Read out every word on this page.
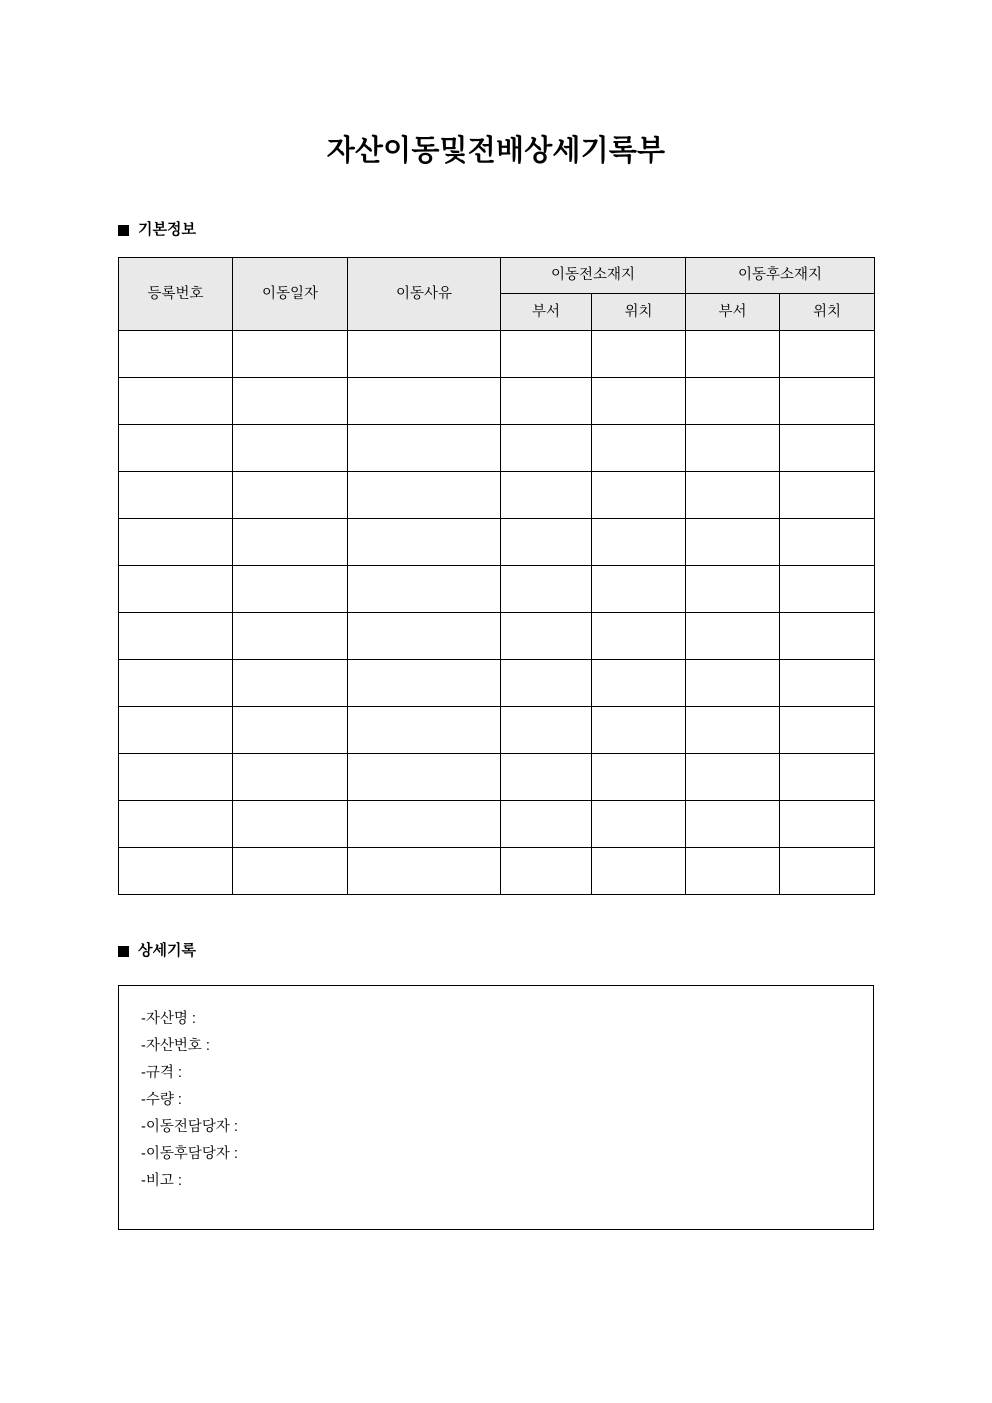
자산이동및전배상세기록부
기본정보
등록번호	이동일자	이동사유	이동전소재지		이동후소재지	
			부서	위치	부서	위치

상세기록
-자산명 :
-자산번호 :
-규격 :
-수량 :
-이동전담당자 :
-이동후담당자 :
-비고 :
